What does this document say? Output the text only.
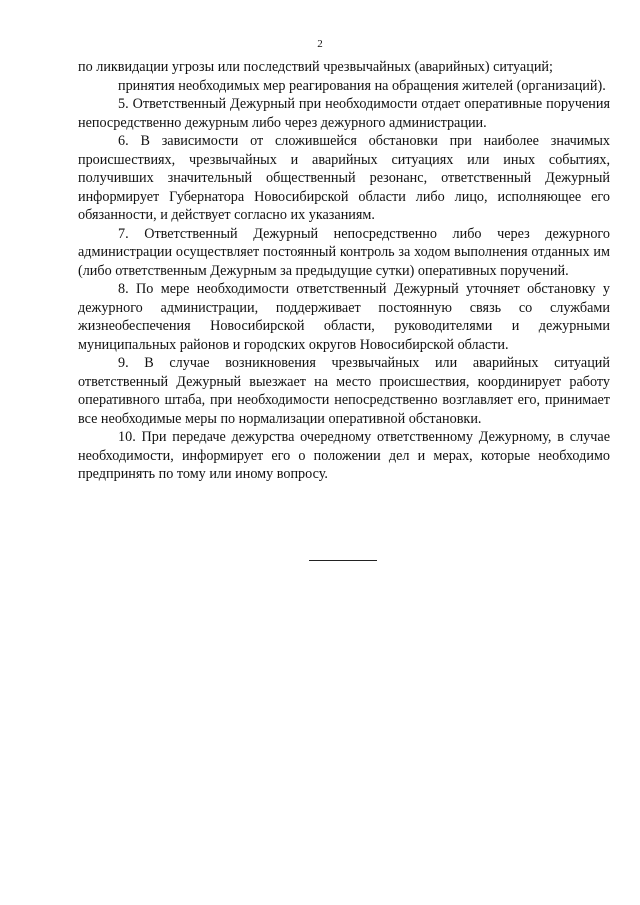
2

по ликвидации угрозы или последствий чрезвычайных (аварийных) ситуаций;

принятия необходимых мер реагирования на обращения жителей (организаций).

5. Ответственный Дежурный при необходимости отдает оперативные поручения непосредственно дежурным либо через дежурного администрации.

6. В зависимости от сложившейся обстановки при наиболее значимых происшествиях, чрезвычайных и аварийных ситуациях или иных событиях, получивших значительный общественный резонанс, ответственный Дежурный информирует Губернатора Новосибирской области либо лицо, исполняющее его обязанности, и действует согласно их указаниям.

7. Ответственный Дежурный непосредственно либо через дежурного администрации осуществляет постоянный контроль за ходом выполнения отданных им (либо ответственным Дежурным за предыдущие сутки) оперативных поручений.

8. По мере необходимости ответственный Дежурный уточняет обстановку у дежурного администрации, поддерживает постоянную связь со службами жизнеобеспечения Новосибирской области, руководителями и дежурными муниципальных районов и городских округов Новосибирской области.

9. В случае возникновения чрезвычайных или аварийных ситуаций ответственный Дежурный выезжает на место происшествия, координирует работу оперативного штаба, при необходимости непосредственно возглавляет его, принимает все необходимые меры по нормализации оперативной обстановки.

10. При передаче дежурства очередному ответственному Дежурному, в случае необходимости, информирует его о положении дел и мерах, которые необходимо предпринять по тому или иному вопросу.
